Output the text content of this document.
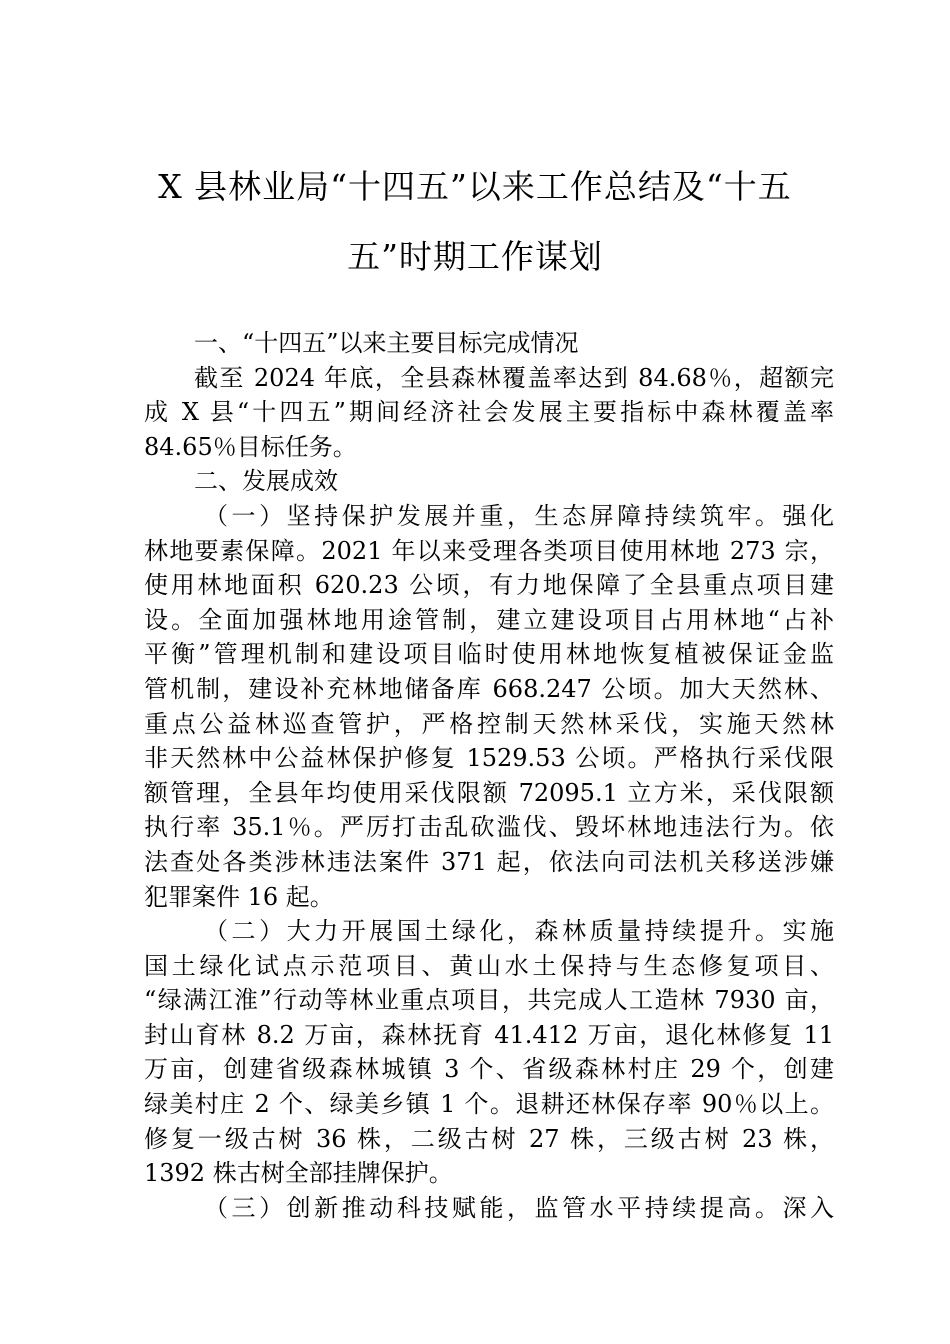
X 县林业局“十四五”以来工作总结及“十五
五”时期工作谋划
一、“十四五”以来主要目标完成情况
截至 2024 年底，全县森林覆盖率达到 84.68％，超额完
成 X 县“十四五”期间经济社会发展主要指标中森林覆盖率
84.65％目标任务。
二、发展成效
（一）坚持保护发展并重，生态屏障持续筑牢。强化
林地要素保障。2021 年以来受理各类项目使用林地 273 宗，
使用林地面积 620.23 公顷，有力地保障了全县重点项目建
设。全面加强林地用途管制，建立建设项目占用林地“占补
平衡”管理机制和建设项目临时使用林地恢复植被保证金监
管机制，建设补充林地储备库 668.247 公顷。加大天然林、
重点公益林巡查管护，严格控制天然林采伐，实施天然林
非天然林中公益林保护修复 1529.53 公顷。严格执行采伐限
额管理，全县年均使用采伐限额 72095.1 立方米，采伐限额
执行率 35.1％。严厉打击乱砍滥伐、毁坏林地违法行为。依
法查处各类涉林违法案件 371 起，依法向司法机关移送涉嫌
犯罪案件 16 起。
（二）大力开展国土绿化，森林质量持续提升。实施
国土绿化试点示范项目、黄山水土保持与生态修复项目、
“绿满江淮”行动等林业重点项目，共完成人工造林 7930 亩，
封山育林 8.2 万亩，森林抚育 41.412 万亩，退化林修复 11
万亩，创建省级森林城镇 3 个、省级森林村庄 29 个，创建
绿美村庄 2 个、绿美乡镇 1 个。退耕还林保存率 90％以上。
修复一级古树 36 株，二级古树 27 株，三级古树 23 株，
1392 株古树全部挂牌保护。
（三）创新推动科技赋能，监管水平持续提高。深入
